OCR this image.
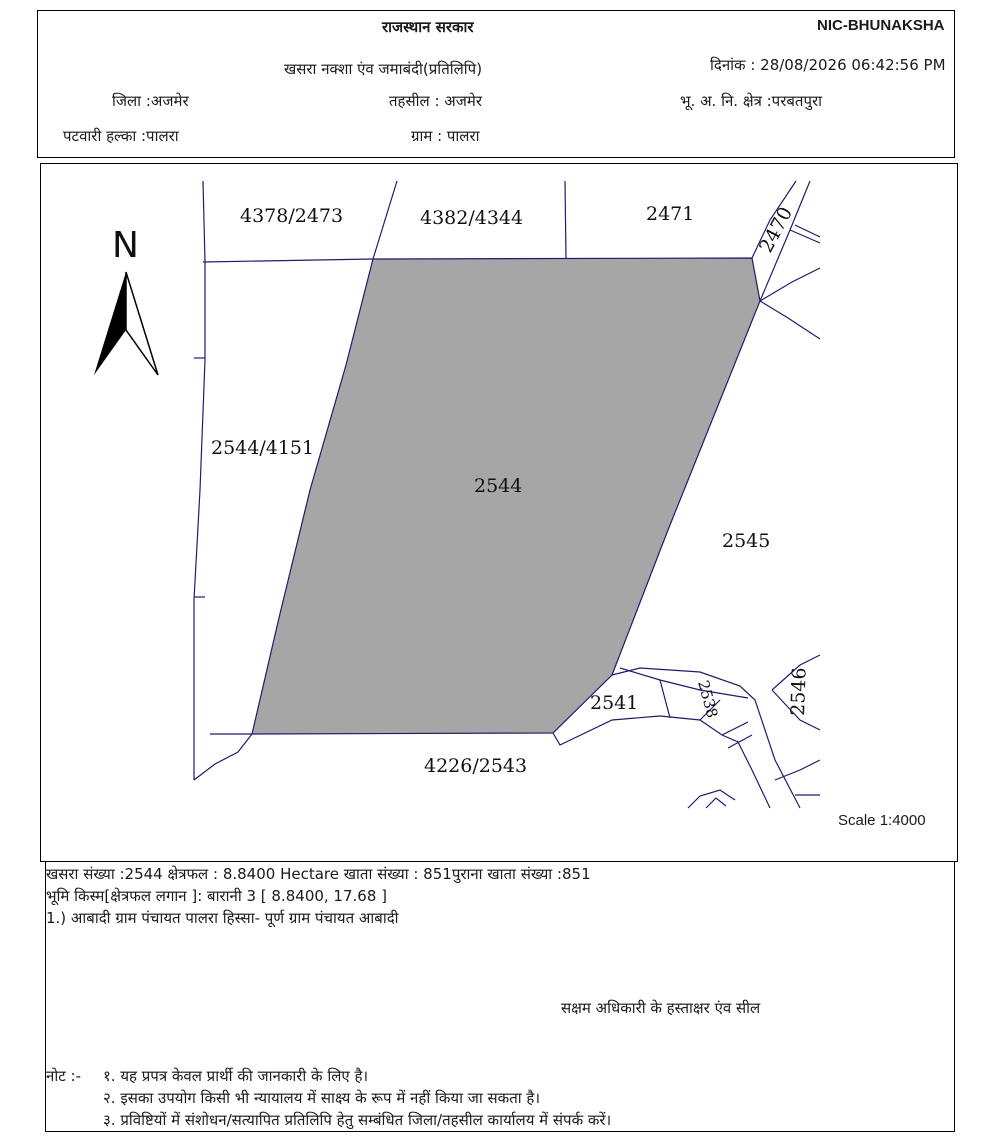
राजस्थान सरकार	NIC-BHUNAKSHA
खसरा नक्शा एंव जमाबंदी(प्रतिलिपि)	दिनांक : 28/08/2026 06:42:56 PM
जिला :अजमेर	तहसील : अजमेर	भू. अ. नि. क्षेत्र :परबतपुरा
पटवारी हल्का :पालरा	ग्राम : पालरा
N
4378/2473	4382/4344	2471	2470
2544/4151
2544
2545
2541	2538	2546
4226/2543
Scale 1:4000
खसरा संख्या :2544 क्षेत्रफल : 8.8400 Hectare खाता संख्या : 851पुराना खाता संख्या :851
भूमि किस्म[क्षेत्रफल लगान ]: बारानी 3 [ 8.8400, 17.68 ]
1.) आबादी ग्राम पंचायत पालरा हिस्सा- पूर्ण ग्राम पंचायत आबादी
सक्षम अधिकारी के हस्ताक्षर एंव सील
नोट :- १. यह प्रपत्र केवल प्रार्थी की जानकारी के लिए है।
२. इसका उपयोग किसी भी न्यायालय में साक्ष्य के रूप में नहीं किया जा सकता है।
३. प्रविष्टियों में संशोधन/सत्यापित प्रतिलिपि हेतु सम्बंधित जिला/तहसील कार्यालय में संपर्क करें।
